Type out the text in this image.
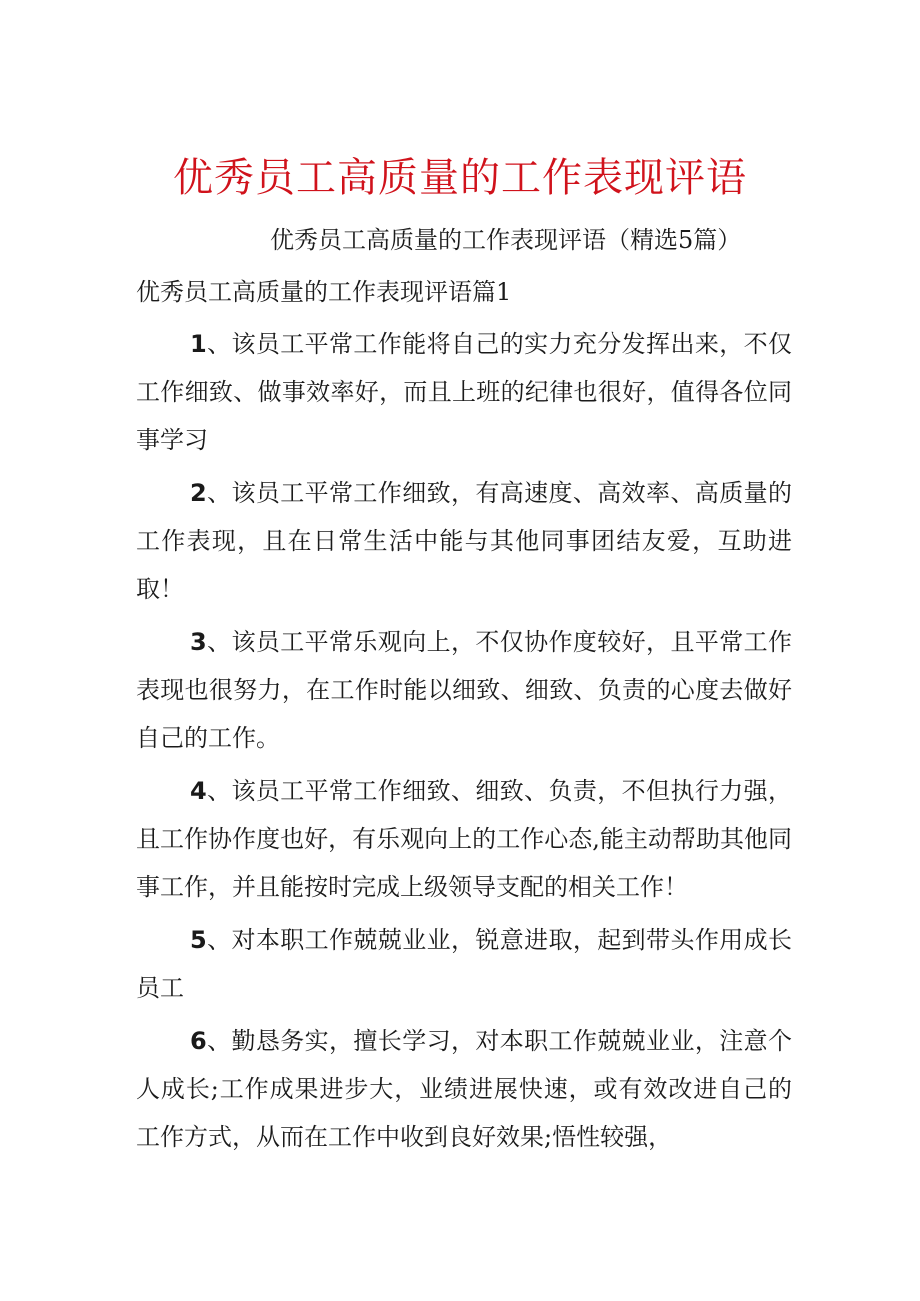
优秀员工高质量的工作表现评语
优秀员工高质量的工作表现评语（精选5篇）
优秀员工高质量的工作表现评语篇1

1、该员工平常工作能将自己的实力充分发挥出来，不仅工作细致、做事效率好，而且上班的纪律也很好，值得各位同事学习

2、该员工平常工作细致，有高速度、高效率、高质量的工作表现，且在日常生活中能与其他同事团结友爱，互助进取！

3、该员工平常乐观向上，不仅协作度较好，且平常工作表现也很努力，在工作时能以细致、细致、负责的心度去做好自己的工作。

4、该员工平常工作细致、细致、负责，不但执行力强，且工作协作度也好，有乐观向上的工作心态,能主动帮助其他同事工作，并且能按时完成上级领导支配的相关工作！

5、对本职工作兢兢业业，锐意进取，起到带头作用成长员工

6、勤恳务实，擅长学习，对本职工作兢兢业业，注意个人成长;工作成果进步大，业绩进展快速，或有效改进自己的工作方式，从而在工作中收到良好效果;悟性较强，
